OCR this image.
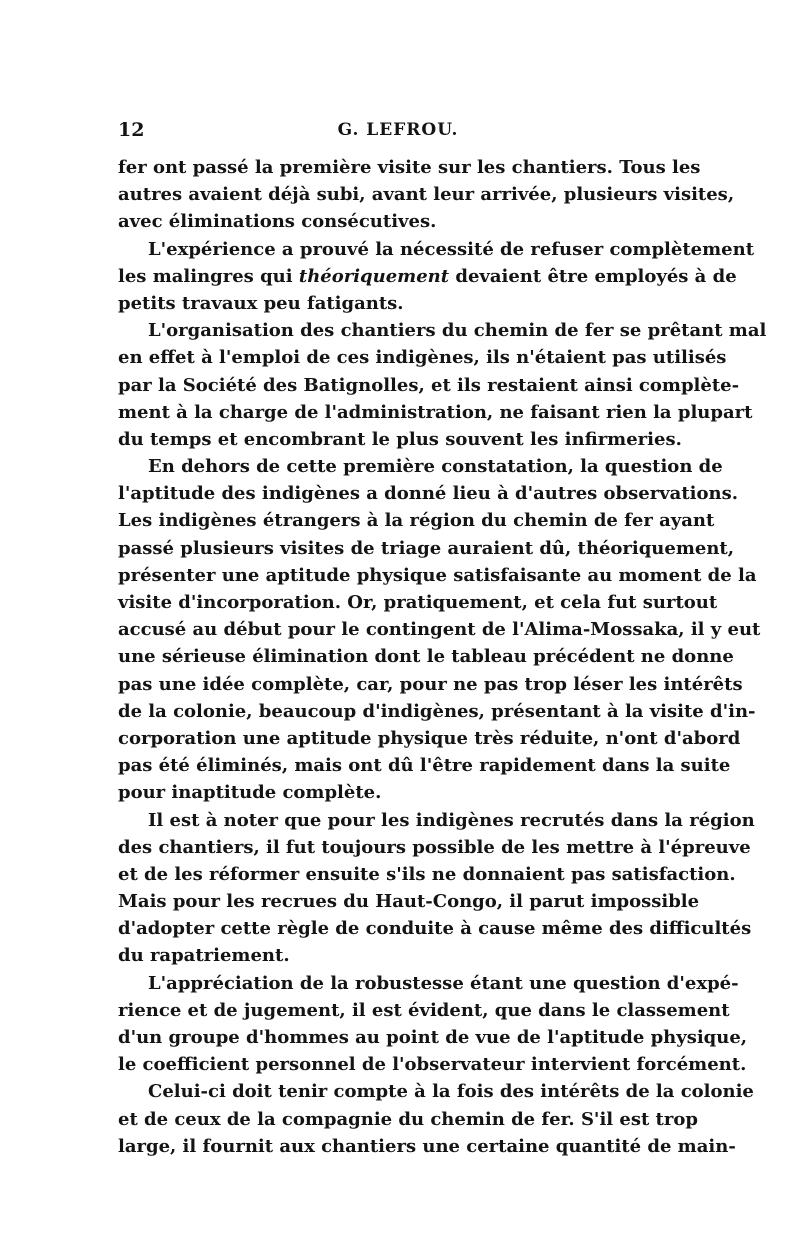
12	G. LEFROU.
fer ont passé la première visite sur les chantiers. Tous les
autres avaient déjà subi, avant leur arrivée, plusieurs visites,
avec éliminations consécutives.
L'expérience a prouvé la nécessité de refuser complètement
les malingres qui théoriquement devaient être employés à de
petits travaux peu fatigants.
L'organisation des chantiers du chemin de fer se prêtant mal
en effet à l'emploi de ces indigènes, ils n'étaient pas utilisés
par la Société des Batignolles, et ils restaient ainsi complète-
ment à la charge de l'administration, ne faisant rien la plupart
du temps et encombrant le plus souvent les infirmeries.
En dehors de cette première constatation, la question de
l'aptitude des indigènes a donné lieu à d'autres observations.
Les indigènes étrangers à la région du chemin de fer ayant
passé plusieurs visites de triage auraient dû, théoriquement,
présenter une aptitude physique satisfaisante au moment de la
visite d'incorporation. Or, pratiquement, et cela fut surtout
accusé au début pour le contingent de l'Alima-Mossaka, il y eut
une sérieuse élimination dont le tableau précédent ne donne
pas une idée complète, car, pour ne pas trop léser les intérêts
de la colonie, beaucoup d'indigènes, présentant à la visite d'in-
corporation une aptitude physique très réduite, n'ont d'abord
pas été éliminés, mais ont dû l'être rapidement dans la suite
pour inaptitude complète.
Il est à noter que pour les indigènes recrutés dans la région
des chantiers, il fut toujours possible de les mettre à l'épreuve
et de les réformer ensuite s'ils ne donnaient pas satisfaction.
Mais pour les recrues du Haut-Congo, il parut impossible
d'adopter cette règle de conduite à cause même des difficultés
du rapatriement.
L'appréciation de la robustesse étant une question d'expé-
rience et de jugement, il est évident, que dans le classement
d'un groupe d'hommes au point de vue de l'aptitude physique,
le coefficient personnel de l'observateur intervient forcément.
Celui-ci doit tenir compte à la fois des intérêts de la colonie
et de ceux de la compagnie du chemin de fer. S'il est trop
large, il fournit aux chantiers une certaine quantité de main-
